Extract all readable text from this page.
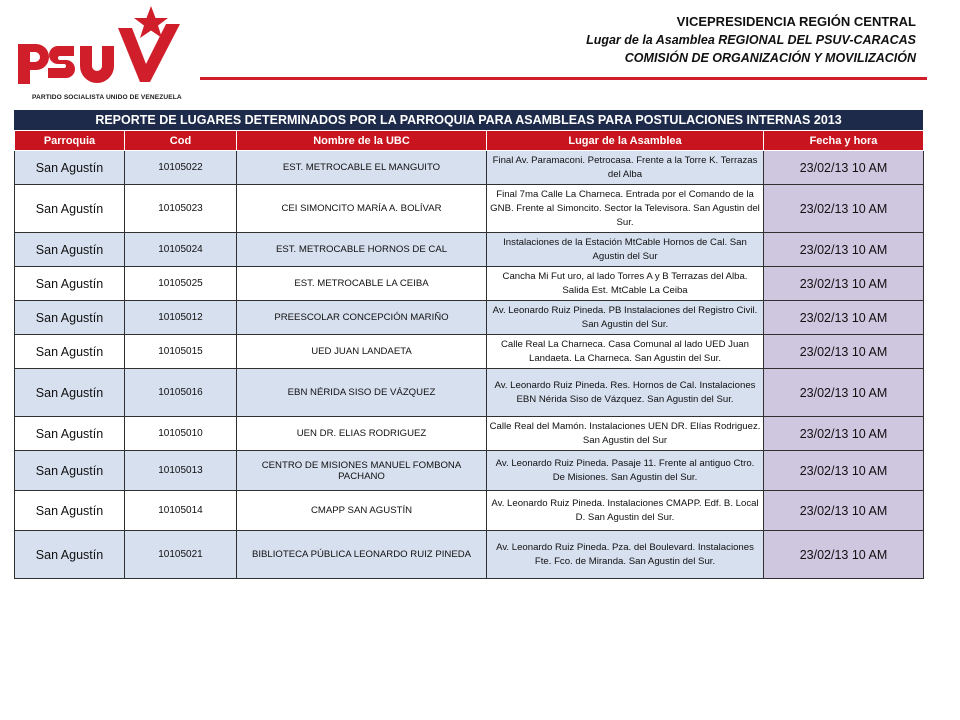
PARTIDO SOCIALISTA UNIDO DE VENEZUELA
VICEPRESIDENCIA REGIÓN CENTRAL
Lugar de la Asamblea REGIONAL DEL PSUV-CARACAS
COMISIÓN DE ORGANIZACIÓN Y MOVILIZACIÓN
REPORTE DE LUGARES DETERMINADOS POR LA PARROQUIA PARA ASAMBLEAS PARA POSTULACIONES INTERNAS 2013
Parroquia	Cod	Nombre de la UBC	Lugar de la Asamblea	Fecha y hora
San Agustín	10105022	EST. METROCABLE EL MANGUITO	Final Av. Paramaconi. Petrocasa. Frente a la Torre K. Terrazas del Alba	23/02/13 10 AM
San Agustín	10105023	CEI SIMONCITO MARÍA A. BOLÍVAR	Final 7ma Calle La Charneca. Entrada por el Comando de la GNB. Frente al Simoncito. Sector la Televisora. San Agustin del Sur.	23/02/13 10 AM
San Agustín	10105024	EST. METROCABLE HORNOS DE CAL	Instalaciones de la Estación MtCable Hornos de Cal. San Agustin del Sur	23/02/13 10 AM
San Agustín	10105025	EST. METROCABLE LA CEIBA	Cancha Mi Fut uro, al lado Torres A y B Terrazas del Alba. Salida Est. MtCable La Ceiba	23/02/13 10 AM
San Agustín	10105012	PREESCOLAR CONCEPCIÓN MARIÑO	Av. Leonardo Ruiz Pineda. PB Instalaciones del Registro Civil. San Agustin del Sur.	23/02/13 10 AM
San Agustín	10105015	UED JUAN LANDAETA	Calle Real La Charneca. Casa Comunal al lado UED Juan Landaeta. La Charneca. San Agustin del Sur.	23/02/13 10 AM
San Agustín	10105016	EBN NÉRIDA SISO DE VÁZQUEZ	Av. Leonardo Ruiz Pineda. Res. Hornos de Cal. Instalaciones EBN Nérida Siso de Vázquez. San Agustin del Sur.	23/02/13 10 AM
San Agustín	10105010	UEN DR. ELIAS RODRIGUEZ	Calle Real del Mamón. Instalaciones UEN DR. Elías Rodriguez. San Agustin del Sur	23/02/13 10 AM
San Agustín	10105013	CENTRO DE MISIONES MANUEL FOMBONA PACHANO	Av. Leonardo Ruiz Pineda. Pasaje 11. Frente al antiguo Ctro. De Misiones. San Agustin del Sur.	23/02/13 10 AM
San Agustín	10105014	CMAPP SAN AGUSTÍN	Av. Leonardo Ruiz Pineda. Instalaciones CMAPP. Edf. B. Local D. San Agustin del Sur.	23/02/13 10 AM
San Agustín	10105021	BIBLIOTECA PÚBLICA LEONARDO RUIZ PINEDA	Av. Leonardo Ruiz Pineda. Pza. del Boulevard. Instalaciones Fte. Fco. de Miranda. San Agustin del Sur.	23/02/13 10 AM
